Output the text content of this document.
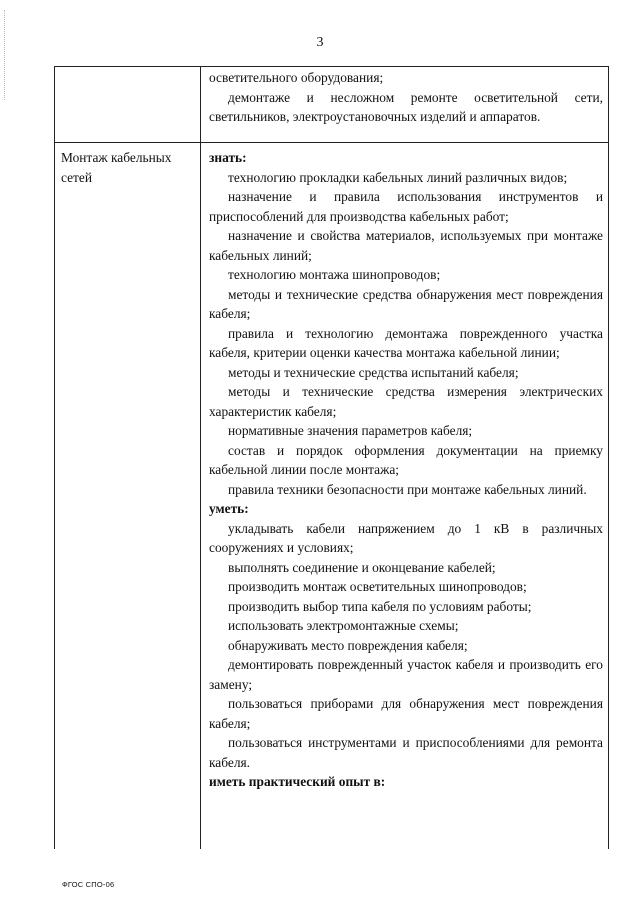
3

осветительного оборудования;

демонтаже и несложном ремонте осветительной сети, светильников, электроустановочных изделий и аппаратов.

Монтаж кабельных сетей

знать:

технологию прокладки кабельных линий различных видов;

назначение и правила использования инструментов и приспособлений для производства кабельных работ;

назначение и свойства материалов, используемых при монтаже кабельных линий;

технологию монтажа шинопроводов;

методы и технические средства обнаружения мест повреждения кабеля;

правила и технологию демонтажа поврежденного участка кабеля, критерии оценки качества монтажа кабельной линии;

методы и технические средства испытаний кабеля;

методы и технические средства измерения электрических характеристик кабеля;

нормативные значения параметров кабеля;

состав и порядок оформления документации на приемку кабельной линии после монтажа;

правила техники безопасности при монтаже кабельных линий.

уметь:

укладывать кабели напряжением до 1 кВ в различных сооружениях и условиях;

выполнять соединение и оконцевание кабелей;

производить монтаж осветительных шинопроводов;

производить выбор типа кабеля по условиям работы;

использовать электромонтажные схемы;

обнаруживать место повреждения кабеля;

демонтировать поврежденный участок кабеля и производить его замену;

пользоваться приборами для обнаружения мест повреждения кабеля;

пользоваться инструментами и приспособлениями для ремонта кабеля.

иметь практический опыт в:

ФГОС СПО-06
